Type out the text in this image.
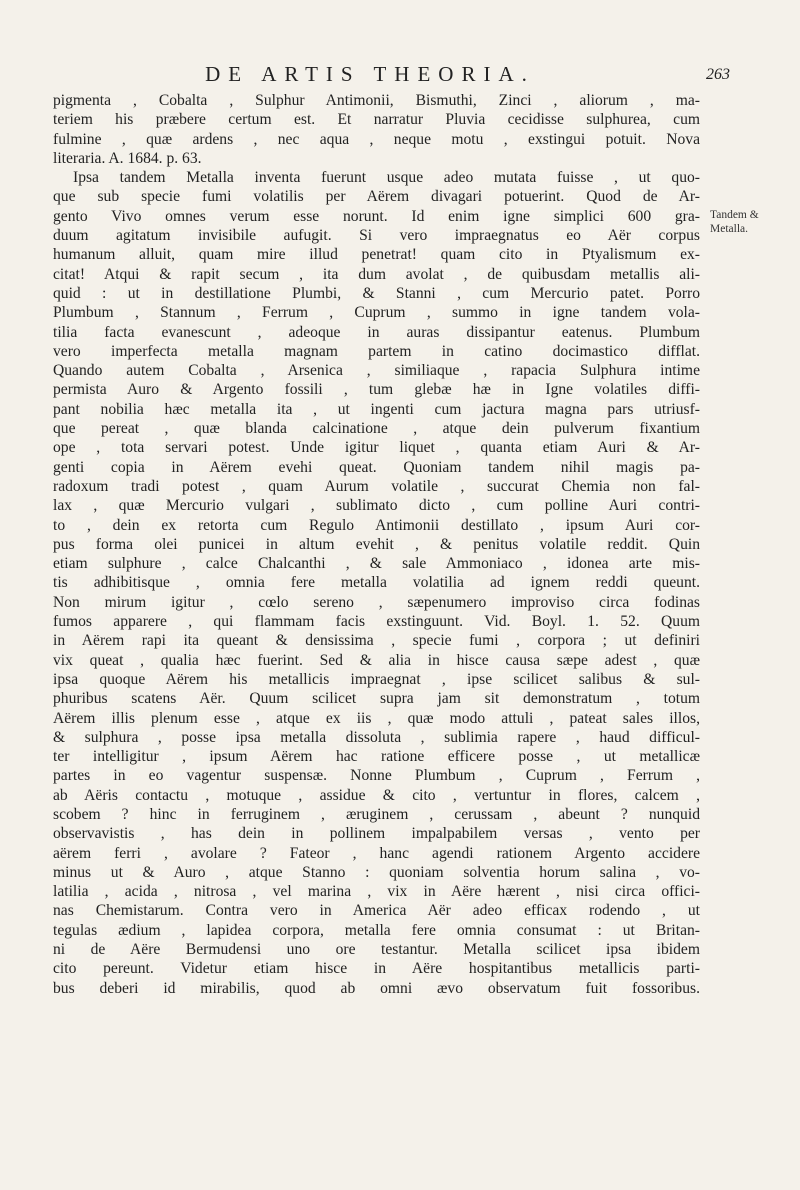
DE ARTIS THEORIA.	263
Tandem &
Metalla.
pigmenta , Cobalta , Sulphur Antimonii, Bismuthi, Zinci , aliorum , ma-
teriem his præbere certum est. Et narratur Pluvia cecidisse sulphurea, cum
fulmine , quæ ardens , nec aqua , neque motu , exstingui potuit. Nova
literaria. A. 1684. p. 63.
Ipsa tandem Metalla inventa fuerunt usque adeo mutata fuisse , ut quo-
que sub specie fumi volatilis per Aërem divagari potuerint. Quod de Ar-
gento Vivo omnes verum esse norunt. Id enim igne simplici 600 gra-
duum agitatum invisibile aufugit. Si vero impraegnatus eo Aër corpus
humanum alluit, quam mire illud penetrat! quam cito in Ptyalismum ex-
citat! Atqui & rapit secum , ita dum avolat , de quibusdam metallis ali-
quid : ut in destillatione Plumbi, & Stanni , cum Mercurio patet. Porro
Plumbum , Stannum , Ferrum , Cuprum , summo in igne tandem vola-
tilia facta evanescunt , adeoque in auras dissipantur eatenus. Plumbum
vero imperfecta metalla magnam partem in catino docimastico difflat.
Quando autem Cobalta , Arsenica , similiaque , rapacia Sulphura intime
permista Auro & Argento fossili , tum glebæ hæ in Igne volatiles diffi-
pant nobilia hæc metalla ita , ut ingenti cum jactura magna pars utriusf-
que pereat , quæ blanda calcinatione , atque dein pulverum fixantium
ope , tota servari potest. Unde igitur liquet , quanta etiam Auri & Ar-
genti copia in Aërem evehi queat. Quoniam tandem nihil magis pa-
radoxum tradi potest , quam Aurum volatile , succurat Chemia non fal-
lax , quæ Mercurio vulgari , sublimato dicto , cum polline Auri contri-
to , dein ex retorta cum Regulo Antimonii destillato , ipsum Auri cor-
pus forma olei punicei in altum evehit , & penitus volatile reddit. Quin
etiam sulphure , calce Chalcanthi , & sale Ammoniaco , idonea arte mis-
tis adhibitisque , omnia fere metalla volatilia ad ignem reddi queunt.
Non mirum igitur , cœlo sereno , sæpenumero improviso circa fodinas
fumos apparere , qui flammam facis exstinguunt. Vid. Boyl. 1. 52. Quum
in Aërem rapi ita queant & densissima , specie fumi , corpora ; ut definiri
vix queat , qualia hæc fuerint. Sed & alia in hisce causa sæpe adest , quæ
ipsa quoque Aërem his metallicis impraegnat , ipse scilicet salibus & sul-
phuribus scatens Aër. Quum scilicet supra jam sit demonstratum , totum
Aërem illis plenum esse , atque ex iis , quæ modo attuli , pateat sales illos,
& sulphura , posse ipsa metalla dissoluta , sublimia rapere , haud difficul-
ter intelligitur , ipsum Aërem hac ratione efficere posse , ut metallicæ
partes in eo vagentur suspensæ. Nonne Plumbum , Cuprum , Ferrum ,
ab Aëris contactu , motuque , assidue & cito , vertuntur in flores, calcem ,
scobem ? hinc in ferruginem , æruginem , cerussam , abeunt ? nunquid
observavistis , has dein in pollinem impalpabilem versas , vento per
aërem ferri , avolare ? Fateor , hanc agendi rationem Argento accidere
minus ut & Auro , atque Stanno : quoniam solventia horum salina , vo-
latilia , acida , nitrosa , vel marina , vix in Aëre hærent , nisi circa offici-
nas Chemistarum. Contra vero in America Aër adeo efficax rodendo , ut
tegulas ædium , lapidea corpora, metalla fere omnia consumat : ut Britan-
ni de Aëre Bermudensi uno ore testantur. Metalla scilicet ipsa ibidem
cito pereunt. Videtur etiam hisce in Aëre hospitantibus metallicis parti-
bus deberi id mirabilis, quod ab omni ævo observatum fuit fossoribus.
